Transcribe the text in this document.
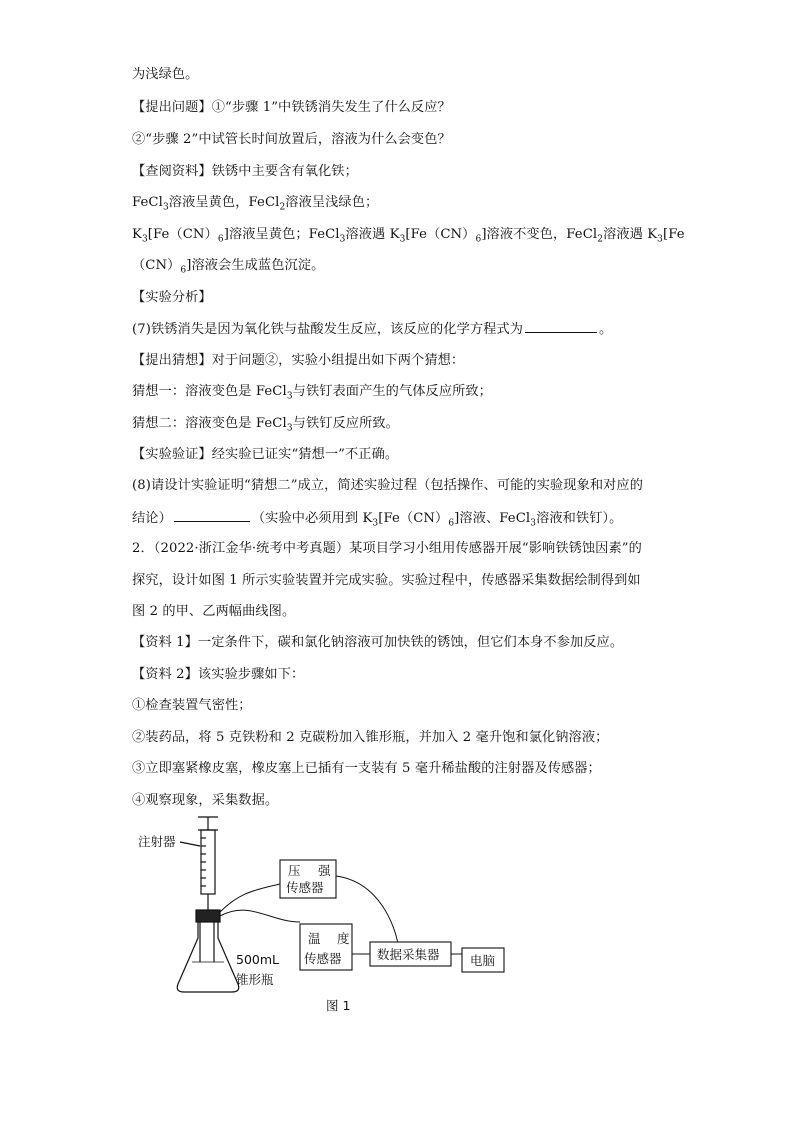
为浅绿色。
【提出问题】①“步骤 1”中铁锈消失发生了什么反应？
②“步骤 2”中试管长时间放置后，溶液为什么会变色？
【查阅资料】铁锈中主要含有氧化铁；
FeCl$_3$溶液呈黄色，FeCl$_2$溶液呈浅绿色；
$K_3[Fe(CN)_6]$溶液呈黄色；FeCl$_3$溶液遇 $K_3[Fe(CN)_6]$溶液不变色，FeCl$_2$溶液遇 $K_3[Fe$
$(CN)_6$]溶液会生成蓝色沉淀。
【实验分析】
(7)铁锈消失是因为氧化铁与盐酸发生反应，该反应的化学方程式为	。
【提出猜想】对于问题②，实验小组提出如下两个猜想：
猜想一：溶液变色是 FeCl$_3$与铁钉表面产生的气体反应所致；
猜想二：溶液变色是 FeCl$_3$与铁钉反应所致。
【实验验证】经实验已证实“猜想一”不正确。
(8)请设计实验证明“猜想二”成立，简述实验过程（包括操作、可能的实验现象和对应的
结论）	（实验中必须用到 $K_3[Fe(CN)_6]$溶液、FeCl$_3$溶液和铁钉）。
2．（2022·浙江金华·统考中考真题）某项目学习小组用传感器开展“影响铁锈蚀因素”的
探究，设计如图 1 所示实验装置并完成实验。实验过程中，传感器采集数据绘制得到如
图 2 的甲、乙两幅曲线图。
【资料 1】一定条件下，碳和氯化钠溶液可加快铁的锈蚀，但它们本身不参加反应。
【资料 2】该实验步骤如下：
①检查装置气密性；
②装药品，将 5 克铁粉和 2 克碳粉加入锥形瓶，并加入 2 毫升饱和氯化钠溶液；
③立即塞紧橡皮塞，橡皮塞上已插有一支装有 5 毫升稀盐酸的注射器及传感器；
④观察现象，采集数据。
压 强
传感器
温 度
传感器	数据采集器 电脑
注射器
500mL
锥形瓶
图 1
